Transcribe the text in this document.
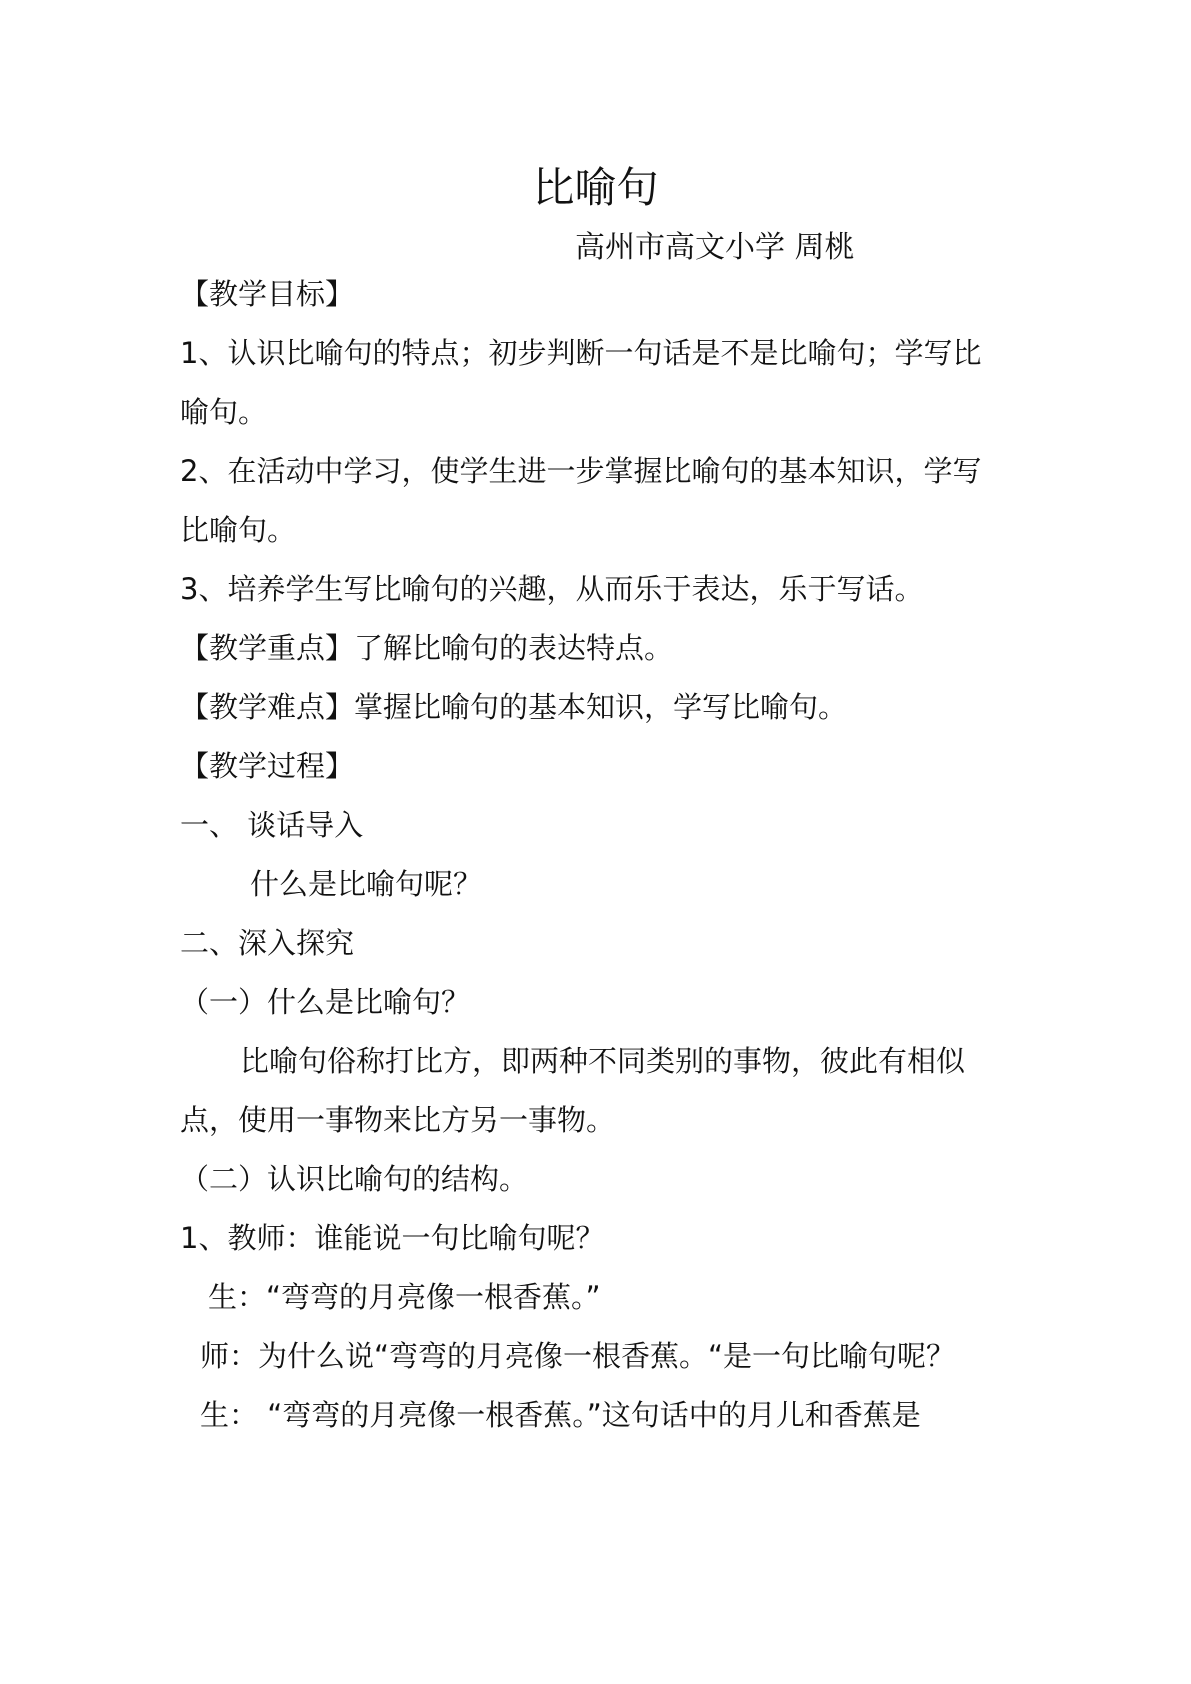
比喻句
高州市高文小学 周桃
【教学目标】
1、认识比喻句的特点；初步判断一句话是不是比喻句；学写比
喻句。
2、在活动中学习，使学生进一步掌握比喻句的基本知识，学写
比喻句。
3、培养学生写比喻句的兴趣，从而乐于表达，乐于写话。
【教学重点】了解比喻句的表达特点。
【教学难点】掌握比喻句的基本知识，学写比喻句。
【教学过程】
一、 谈话导入
什么是比喻句呢？
二、深入探究
（一）什么是比喻句？
比喻句俗称打比方，即两种不同类别的事物，彼此有相似
点，使用一事物来比方另一事物。
（二）认识比喻句的结构。
1、教师：谁能说一句比喻句呢？
生：“弯弯的月亮像一根香蕉。”
师：为什么说“弯弯的月亮像一根香蕉。“是一句比喻句呢？
生： “弯弯的月亮像一根香蕉。”这句话中的月儿和香蕉是
